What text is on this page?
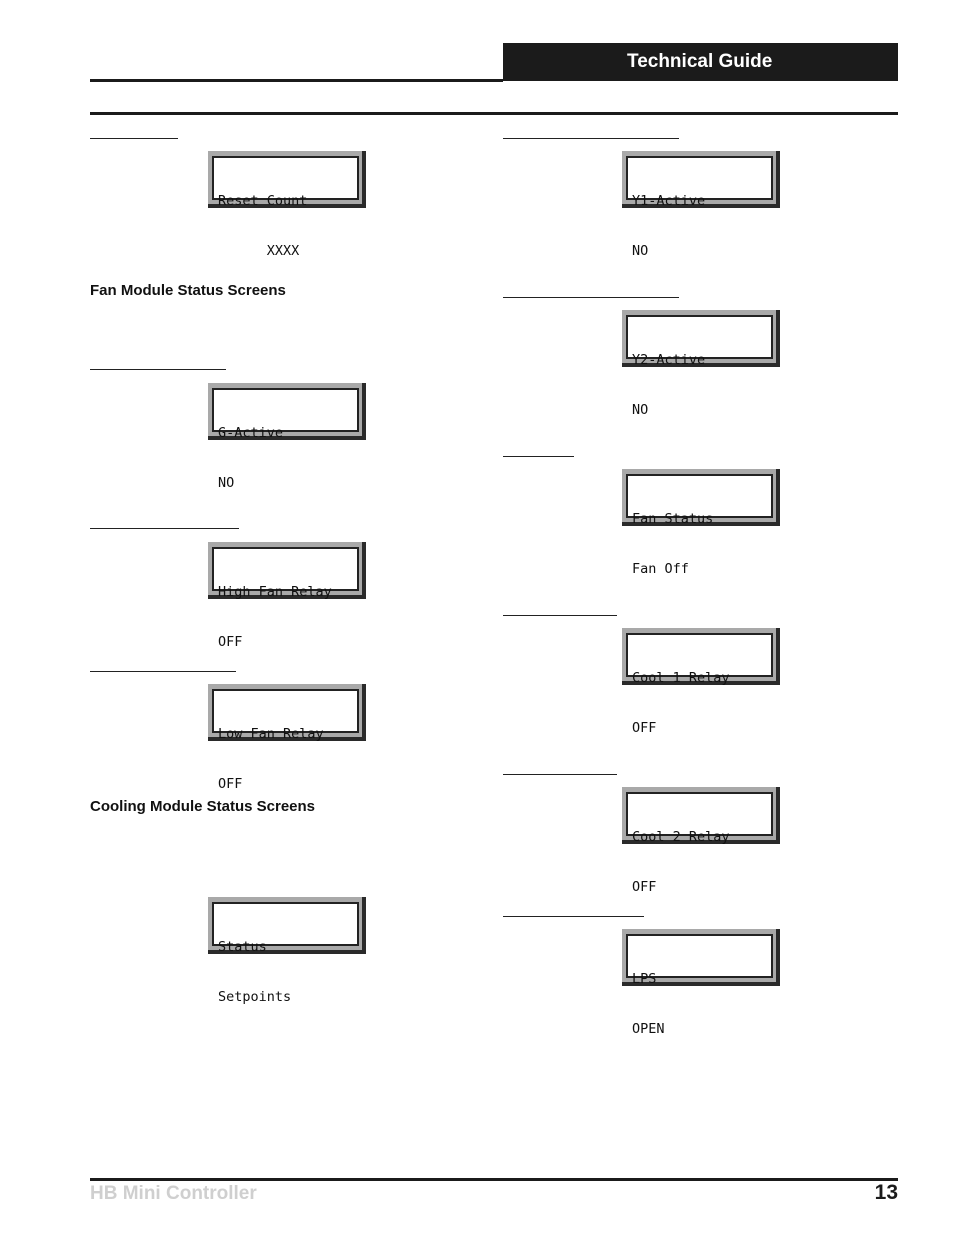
Technical Guide

Reset Count

XXXX

Fan Module Status Screens

G-Active

NO

High Fan Relay

OFF

Low Fan Relay

OFF

Cooling Module Status Screens

Status

Setpoints

Y1-Active

NO

Y2-Active

NO

Fan Status

Fan Off

Cool 1 Relay

OFF

Cool 2 Relay

OFF

LPS

OPEN

HB Mini Controller	13
